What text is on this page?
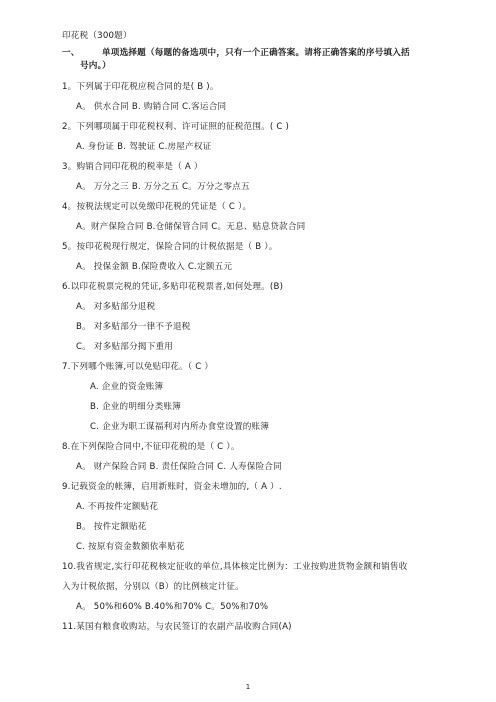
印花税（300题）
一、	单项选择题（每题的备选项中，只有一个正确答案。请将正确答案的序号填入括
号内。）
1。下列属于印花税应税合同的是( B )。
A。 供水合同 B. 购销合同 C.客运合同
2。下列哪项属于印花税权利、许可证照的征税范围。( C )
A. 身份证 B. 驾驶证 C.房屋产权证
3。购销合同印花税的税率是（ A ）
A。 万分之三 B. 万分之五 C。万分之零点五
4。按税法规定可以免缴印花税的凭证是（ C ）。
A。财产保险合同 B.仓储保管合同 C。无息、贴息贷款合同
5。按印花税现行规定，保险合同的计税依据是（ B ）。
A。 投保金额 B.保险费收入 C.定额五元
6.以印花税票完税的凭证,多贴印花税票者,如何处理。(B)
A。 对多贴部分退税
B。 对多贴部分一律不予退税
C。 对多贴部分揭下重用
7.下列哪个账簿,可以免贴印花。（ C ）
A. 企业的资金账簿
B. 企业的明细分类账簿
C. 企业为职工谋福利对内所办食堂设置的账簿
8.在下列保险合同中,不征印花税的是（ C ）。
A。 财产保险合同 B. 责任保险合同 C. 人寿保险合同
9.记载资金的帐簿，启用新账时，资金未增加的,（ A ）.
A. 不再按件定额贴花
B。 按件定额贴花
C. 按原有资金数额依率贴花
10.我省规定,实行印花税核定征收的单位,具体核定比例为：工业按购进货物金额和销售收
入为计税依据，分别以（B）的比例核定计征。
A。 50%和60% B.40%和70% C。50%和70%
11.某国有粮食收购站，与农民签订的农副产品收购合同(A)
1
